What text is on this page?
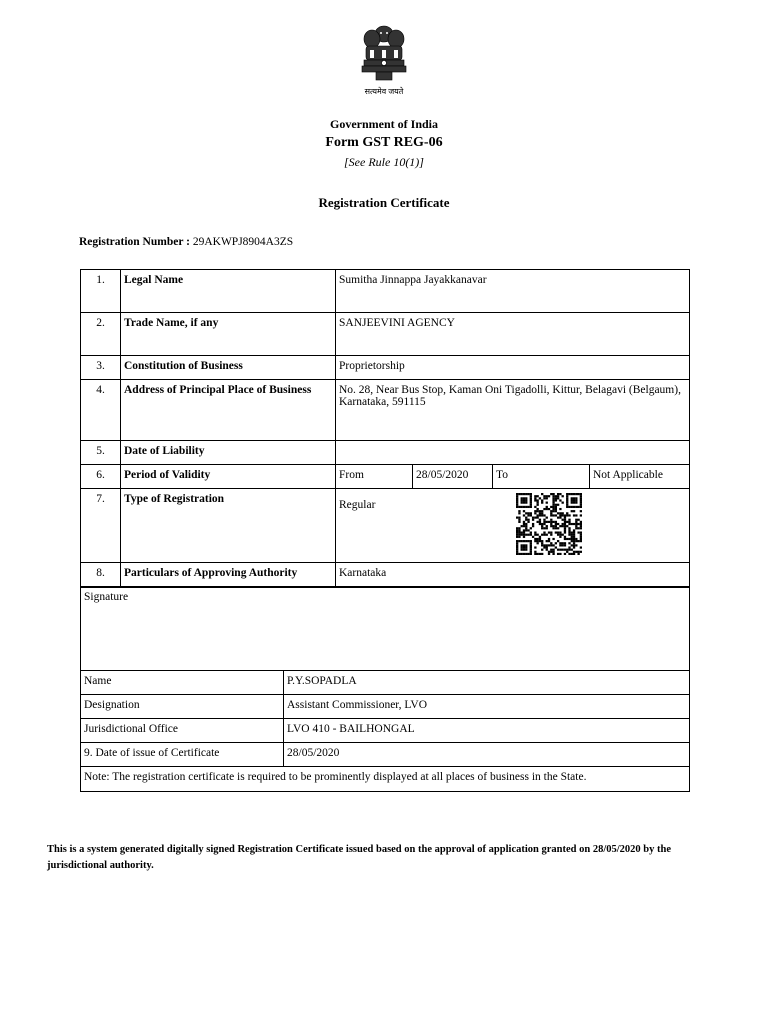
सत्यमेव जयते
Government of India
Form GST REG-06
[See Rule 10(1)]
Registration Certificate
Registration Number : 29AKWPJ8904A3ZS
1.	Legal Name	Sumitha Jinnappa Jayakkanavar			
2.	Trade Name, if any	SANJEEVINI AGENCY			
3.	Constitution of Business	Proprietorship			
4.	Address of Principal Place of Business	No. 28, Near Bus Stop, Kaman Oni Tigadolli, Kittur, Belagavi (Belgaum), Karnataka, 591115			
5.	Date of Liability				
6.	Period of Validity	From	28/05/2020	To	Not Applicable
7.	Type of Registration	Regular			
8.	Particulars of Approving Authority	Karnataka			
Signature	
Name	P.Y.SOPADLA
Designation	Assistant Commissioner, LVO
Jurisdictional Office	LVO 410 - BAILHONGAL
9. Date of issue of Certificate	28/05/2020
Note: The registration certificate is required to be prominently displayed at all places of business in the State.	
This is a system generated digitally signed Registration Certificate issued based on the approval of application granted on 28/05/2020 by the jurisdictional authority.
